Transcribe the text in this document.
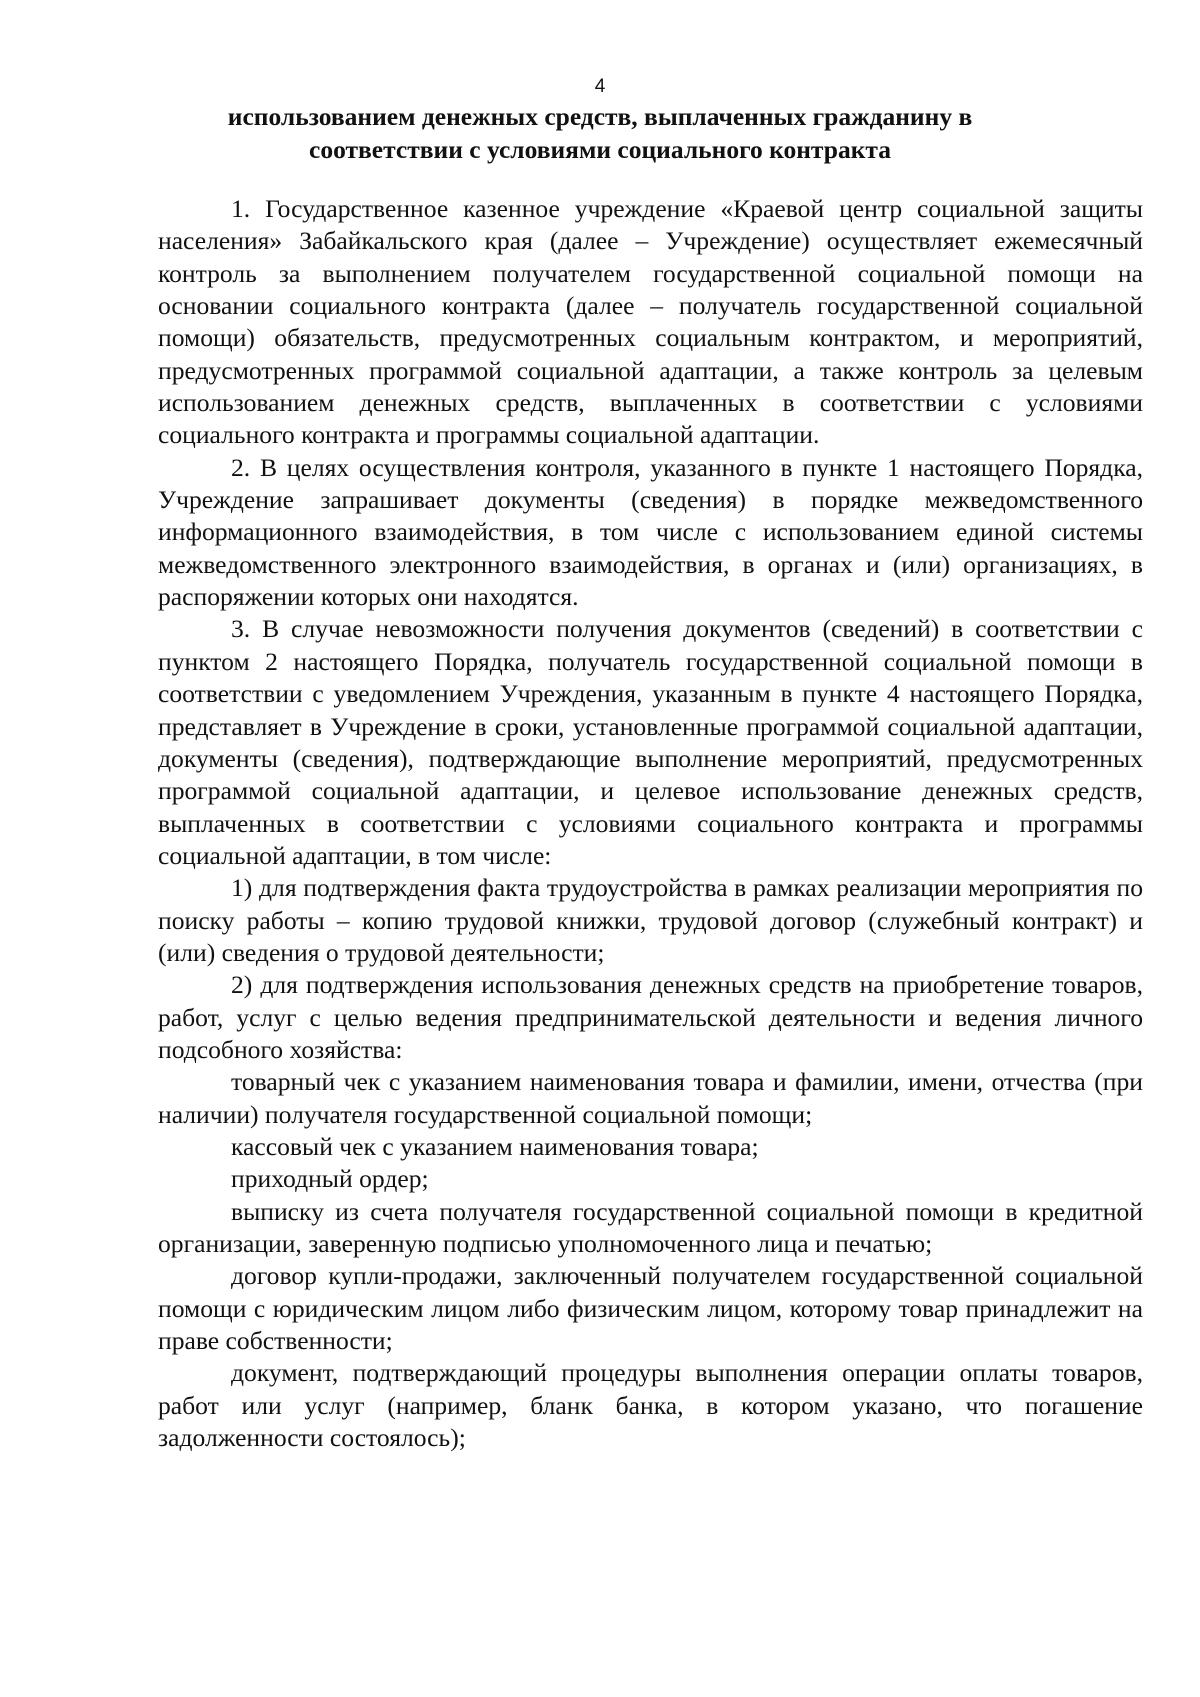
4
использованием денежных средств, выплаченных гражданину в соответствии с условиями социального контракта

1. Государственное казенное учреждение «Краевой центр социальной защиты населения» Забайкальского края (далее – Учреждение) осуществляет ежемесячный контроль за выполнением получателем государственной социальной помощи на основании социального контракта (далее – получатель государственной социальной помощи) обязательств, предусмотренных социальным контрактом, и мероприятий, предусмотренных программой социальной адаптации, а также контроль за целевым использованием денежных средств, выплаченных в соответствии с условиями социального контракта и программы социальной адаптации.

2. В целях осуществления контроля, указанного в пункте 1 настоящего Порядка, Учреждение запрашивает документы (сведения) в порядке межведомственного информационного взаимодействия, в том числе с использованием единой системы межведомственного электронного взаимодействия, в органах и (или) организациях, в распоряжении которых они находятся.

3. В случае невозможности получения документов (сведений) в соответствии с пунктом 2 настоящего Порядка, получатель государственной социальной помощи в соответствии с уведомлением Учреждения, указанным в пункте 4 настоящего Порядка, представляет в Учреждение в сроки, установленные программой социальной адаптации, документы (сведения), подтверждающие выполнение мероприятий, предусмотренных программой социальной адаптации, и целевое использование денежных средств, выплаченных в соответствии с условиями социального контракта и программы социальной адаптации, в том числе:

1) для подтверждения факта трудоустройства в рамках реализации мероприятия по поиску работы – копию трудовой книжки, трудовой договор (служебный контракт) и (или) сведения о трудовой деятельности;

2) для подтверждения использования денежных средств на приобретение товаров, работ, услуг с целью ведения предпринимательской деятельности и ведения личного подсобного хозяйства:

товарный чек с указанием наименования товара и фамилии, имени, отчества (при наличии) получателя государственной социальной помощи;

кассовый чек с указанием наименования товара;

приходный ордер;

выписку из счета получателя государственной социальной помощи в кредитной организации, заверенную подписью уполномоченного лица и печатью;

договор купли-продажи, заключенный получателем государственной социальной помощи с юридическим лицом либо физическим лицом, которому товар принадлежит на праве собственности;

документ, подтверждающий процедуры выполнения операции оплаты товаров, работ или услуг (например, бланк банка, в котором указано, что погашение задолженности состоялось);
